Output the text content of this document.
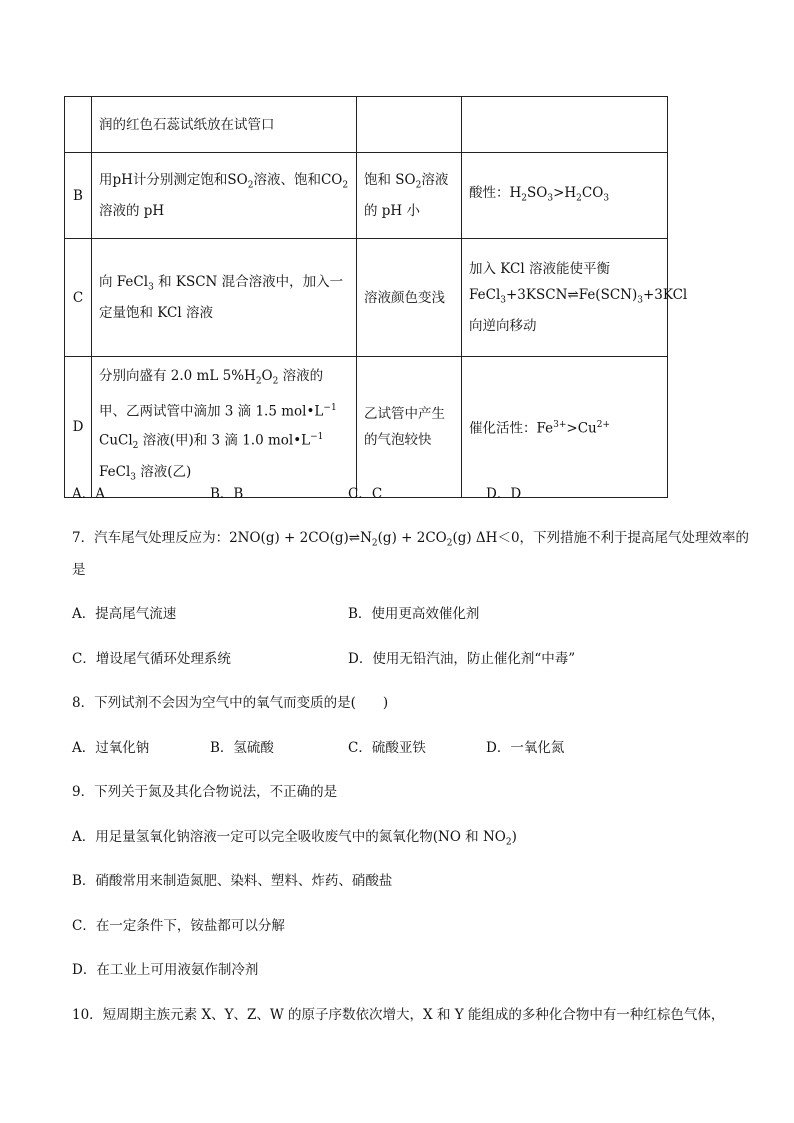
	润的红色石蕊试纸放在试管口		
B	用pH计分别测定饱和$SO_2$溶液、饱和$CO_2$溶液的 pH	饱和 $SO_2$溶液的 pH 小	酸性：$H_2SO_3>H_2CO_3$
C	向 FeCl$_3$ 和 KSCN 混合溶液中，加入一定量饱和 KCl 溶液	溶液颜色变浅	加入 KCl 溶液能使平衡
$FeCl_3+3KSCN\rightleftharpoons Fe(SCN)_3+3KCl$
向逆向移动

D	分别向盛有 2.0 mL $5\%H_2O_2$ 溶液的甲、乙两试管中滴加 3 滴 1.5 $mol•L^{-1}$ CuCl$_2$ 溶液(甲)和 3 滴 1.0 $mol•L^{-1}$ FeCl$_3$ 溶液(乙)	乙试管中产生的气泡较快	催化活性：$Fe^{3+}>Cu^{2+}$
A．A	B．B	C．C	D．D
7．汽车尾气处理反应为：$2NO(g) + 2CO(g)\rightleftharpoons N_2(g) + 2CO_2(g)$ ΔH＜0，下列措施不利于提高尾气处理效率的
是
A．提高尾气流速	B．使用更高效催化剂
C．增设尾气循环处理系统	D．使用无铅汽油，防止催化剂“中毒”
8．下列试剂不会因为空气中的氧气而变质的是(　　)
A．过氧化钠	B．氢硫酸	C．硫酸亚铁	D．一氧化氮
9．下列关于氮及其化合物说法，不正确的是
A．用足量氢氧化钠溶液一定可以完全吸收废气中的氮氧化物(NO 和 $NO_2$)
B．硝酸常用来制造氮肥、染料、塑料、炸药、硝酸盐
C．在一定条件下，铵盐都可以分解
D．在工业上可用液氨作制冷剂
10．短周期主族元素 X、Y、Z、W 的原子序数依次增大，X 和 Y 能组成的多种化合物中有一种红棕色气体，
